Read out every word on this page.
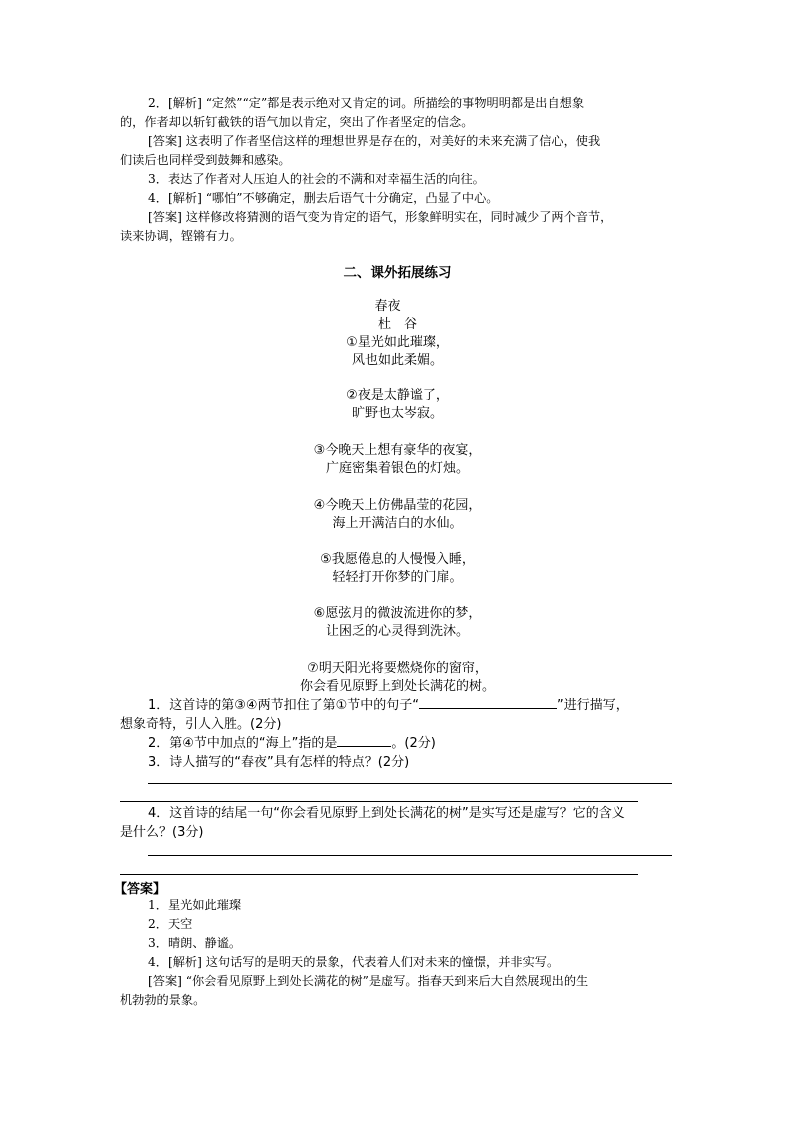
2．[解析] “定然”“定”都是表示绝对又肯定的词。所描绘的事物明明都是出自想象
的，作者却以斩钉截铁的语气加以肯定，突出了作者坚定的信念。
[答案] 这表明了作者坚信这样的理想世界是存在的，对美好的未来充满了信心，使我
们读后也同样受到鼓舞和感染。
3．表达了作者对人压迫人的社会的不满和对幸福生活的向往。
4．[解析] “哪怕”不够确定，删去后语气十分确定，凸显了中心。
[答案] 这样修改将猜测的语气变为肯定的语气，形象鲜明实在，同时减少了两个音节，
读来协调，铿锵有力。
二、课外拓展练习
春夜
杜　谷
①星光如此璀璨，
风也如此柔媚。
②夜是太静谧了，
旷野也太岑寂。
③今晚天上想有豪华的夜宴，
广庭密集着银色的灯烛。
④今晚天上仿佛晶莹的花园，
海上开满洁白的水仙。
⑤我愿倦息的人慢慢入睡，
轻轻打开你梦的门扉。
⑥愿弦月的微波流进你的梦，
让困乏的心灵得到洗沐。
⑦明天阳光将要燃烧你的窗帘，
你会看见原野上到处长满花的树。
1．这首诗的第③④两节扣住了第①节中的句子“	”进行描写，
想象奇特，引人入胜。(2分)
2．第④节中加点的“海上”指的是	。(2分)
3．诗人描写的“春夜”具有怎样的特点？(2分)
4．这首诗的结尾一句“你会看见原野上到处长满花的树”是实写还是虚写？它的含义
是什么？(3分)
【答案】
1．星光如此璀璨
2．天空
3．晴朗、静谧。
4．[解析] 这句话写的是明天的景象，代表着人们对未来的憧憬，并非实写。
[答案] “你会看见原野上到处长满花的树”是虚写。指春天到来后大自然展现出的生
机勃勃的景象。
